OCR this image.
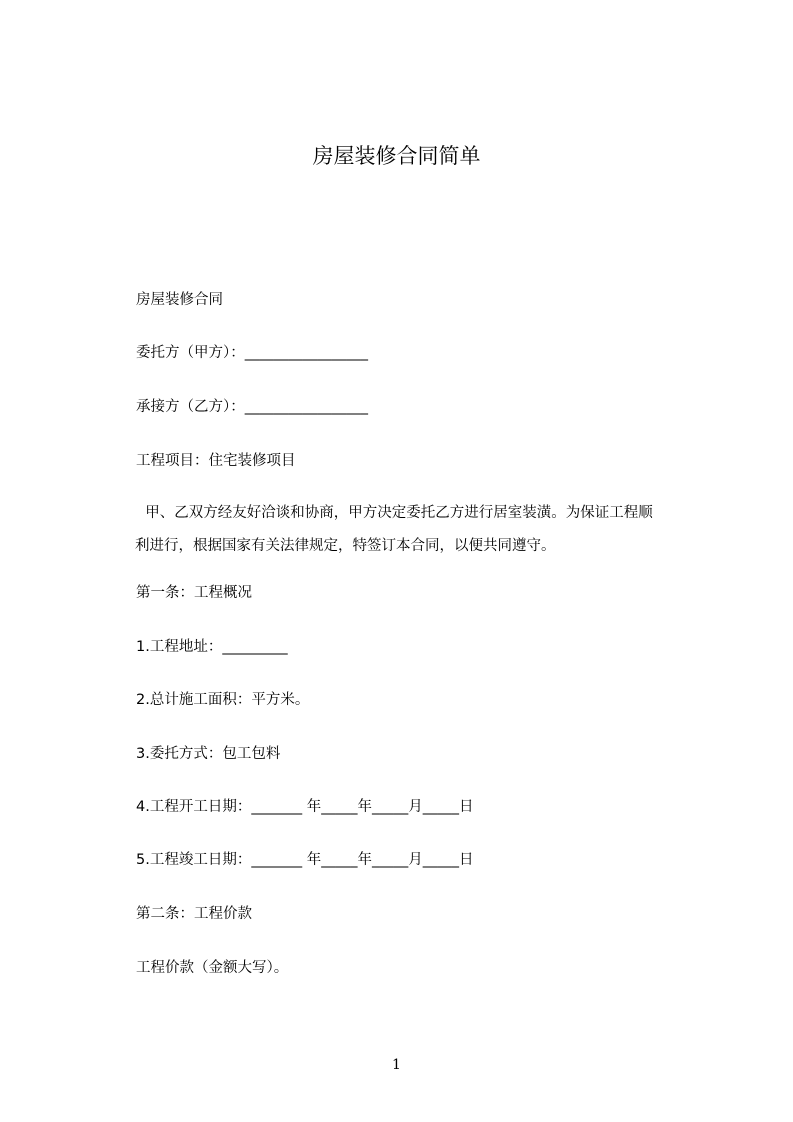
房屋装修合同简单
房屋装修合同
委托方（甲方）：_________________
承接方（乙方）：_________________
工程项目：住宅装修项目
甲、乙双方经友好洽谈和协商，甲方决定委托乙方进行居室装潢。为保证工程顺
利进行，根据国家有关法律规定，特签订本合同，以便共同遵守。
第一条：工程概况
1.工程地址：_________
2.总计施工面积：平方米。
3.委托方式：包工包料
4.工程开工日期：_______ 年_____年_____月_____日
5.工程竣工日期：_______ 年_____年_____月_____日
第二条：工程价款
工程价款（金额大写）。
1
